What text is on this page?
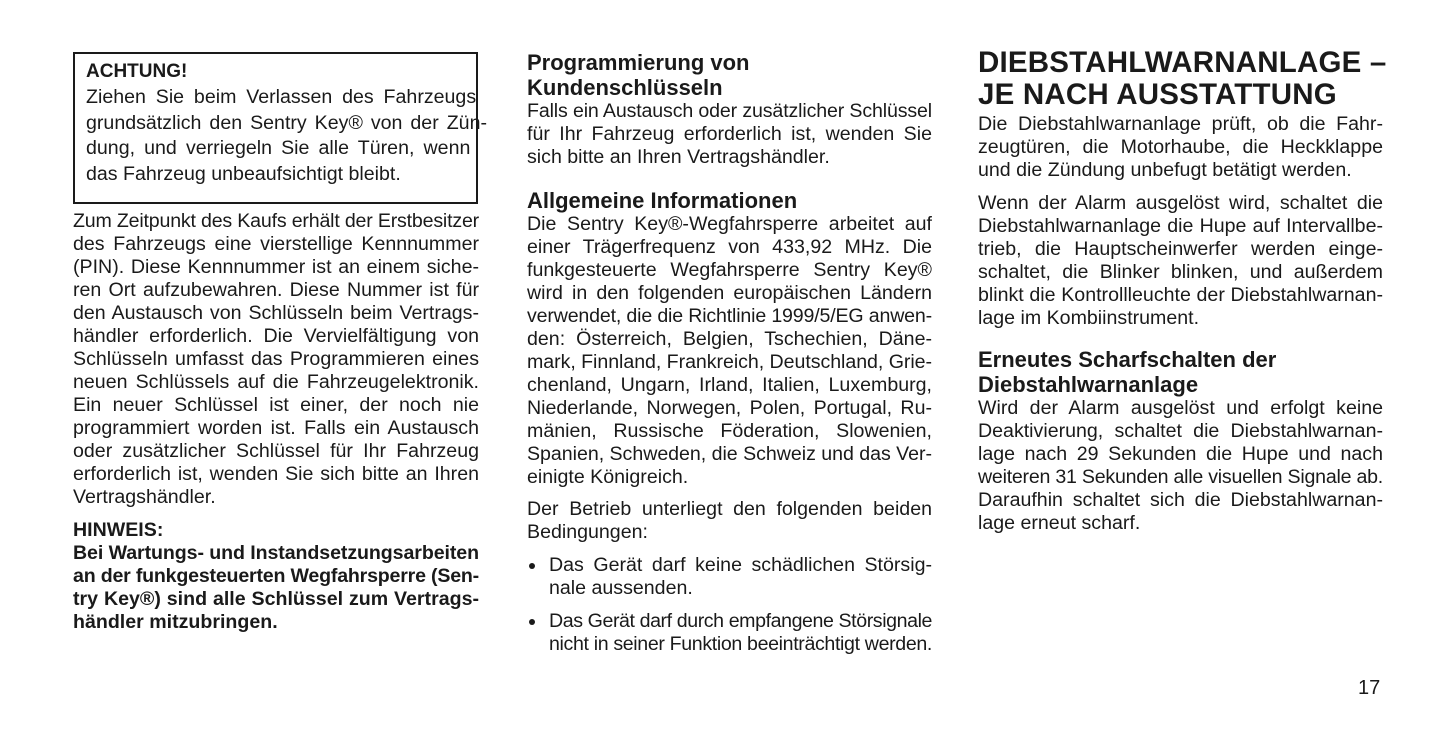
ACHTUNG!
Ziehen Sie beim Verlassen des Fahrzeugs
grundsätzlich den Sentry Key® von der Zün-
dung, und verriegeln Sie alle Türen, wenn
das Fahrzeug unbeaufsichtigt bleibt.
Zum Zeitpunkt des Kaufs erhält der Erstbesitzer
des Fahrzeugs eine vierstellige Kennnummer
(PIN). Diese Kennnummer ist an einem siche-
ren Ort aufzubewahren. Diese Nummer ist für
den Austausch von Schlüsseln beim Vertrags-
händler erforderlich. Die Vervielfältigung von
Schlüsseln umfasst das Programmieren eines
neuen Schlüssels auf die Fahrzeugelektronik.
Ein neuer Schlüssel ist einer, der noch nie
programmiert worden ist. Falls ein Austausch
oder zusätzlicher Schlüssel für Ihr Fahrzeug
erforderlich ist, wenden Sie sich bitte an Ihren
Vertragshändler.
HINWEIS:
Bei Wartungs- und Instandsetzungsarbeiten
an der funkgesteuerten Wegfahrsperre (Sen-
try Key®) sind alle Schlüssel zum Vertrags-
händler mitzubringen.
Programmierung von
Kundenschlüsseln
Falls ein Austausch oder zusätzlicher Schlüssel
für Ihr Fahrzeug erforderlich ist, wenden Sie
sich bitte an Ihren Vertragshändler.
Allgemeine Informationen
Die Sentry Key®-Wegfahrsperre arbeitet auf
einer Trägerfrequenz von 433,92 MHz. Die
funkgesteuerte Wegfahrsperre Sentry Key®
wird in den folgenden europäischen Ländern
verwendet, die die Richtlinie 1999/5/EG anwen-
den: Österreich, Belgien, Tschechien, Däne-
mark, Finnland, Frankreich, Deutschland, Grie-
chenland, Ungarn, Irland, Italien, Luxemburg,
Niederlande, Norwegen, Polen, Portugal, Ru-
mänien, Russische Föderation, Slowenien,
Spanien, Schweden, die Schweiz und das Ver-
einigte Königreich.
Der Betrieb unterliegt den folgenden beiden
Bedingungen:
Das Gerät darf keine schädlichen Störsig-
nale aussenden.
Das Gerät darf durch empfangene Störsignale
nicht in seiner Funktion beeinträchtigt werden.
DIEBSTAHLWARNANLAGE –
JE NACH AUSSTATTUNG
Die Diebstahlwarnanlage prüft, ob die Fahr-
zeugtüren, die Motorhaube, die Heckklappe
und die Zündung unbefugt betätigt werden.
Wenn der Alarm ausgelöst wird, schaltet die
Diebstahlwarnanlage die Hupe auf Intervallbe-
trieb, die Hauptscheinwerfer werden einge-
schaltet, die Blinker blinken, und außerdem
blinkt die Kontrollleuchte der Diebstahlwarnan-
lage im Kombiinstrument.
Erneutes Scharfschalten der
Diebstahlwarnanlage
Wird der Alarm ausgelöst und erfolgt keine
Deaktivierung, schaltet die Diebstahlwarnan-
lage nach 29 Sekunden die Hupe und nach
weiteren 31 Sekunden alle visuellen Signale ab.
Daraufhin schaltet sich die Diebstahlwarnan-
lage erneut scharf.
17
